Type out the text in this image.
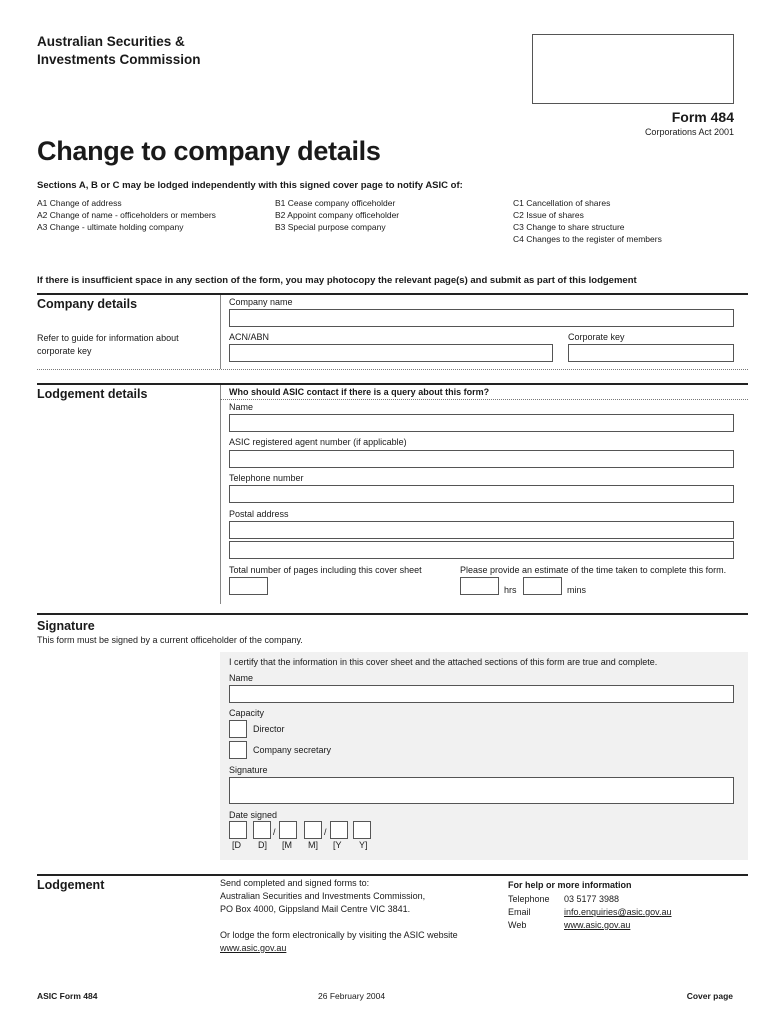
Australian Securities &
Investments Commission
Form 484
Corporations Act 2001
Change to company details
Sections A, B or C may be lodged independently with this signed cover page to notify ASIC of:
A1 Change of address
A2 Change of name - officeholders or members
A3 Change - ultimate holding company
B1 Cease company officeholder
B2 Appoint company officeholder
B3 Special purpose company
C1 Cancellation of shares
C2 Issue of shares
C3 Change to share structure
C4 Changes to the register of members
If there is insufficient space in any section of the form, you may photocopy the relevant page(s) and submit as part of this lodgement
Company details	Company name
Refer to guide for information about corporate key
ACN/ABN	Corporate key
Lodgement details	Who should ASIC contact if there is a query about this form?
Name
ASIC registered agent number (if applicable)
Telephone number
Postal address
Total number of pages including this cover sheet	Please provide an estimate of the time taken to complete this form.
hrs	mins
Signature
This form must be signed by a current officeholder of the company.
I certify that the information in this cover sheet and the attached sections of this form are true and complete.
Name
Capacity
Director
Company secretary
Signature
Date signed
/	/
[D D] [M M] [Y Y]
Lodgement	Send completed and signed forms to:
Australian Securities and Investments Commission,
PO Box 4000, Gippsland Mail Centre VIC 3841.
Or lodge the form electronically by visiting the ASIC website
www.asic.gov.au
For help or more information
Telephone 03 5177 3988
Email	info.enquiries@asic.gov.au
Web	www.asic.gov.au
ASIC Form 484	26 February 2004	Cover page
